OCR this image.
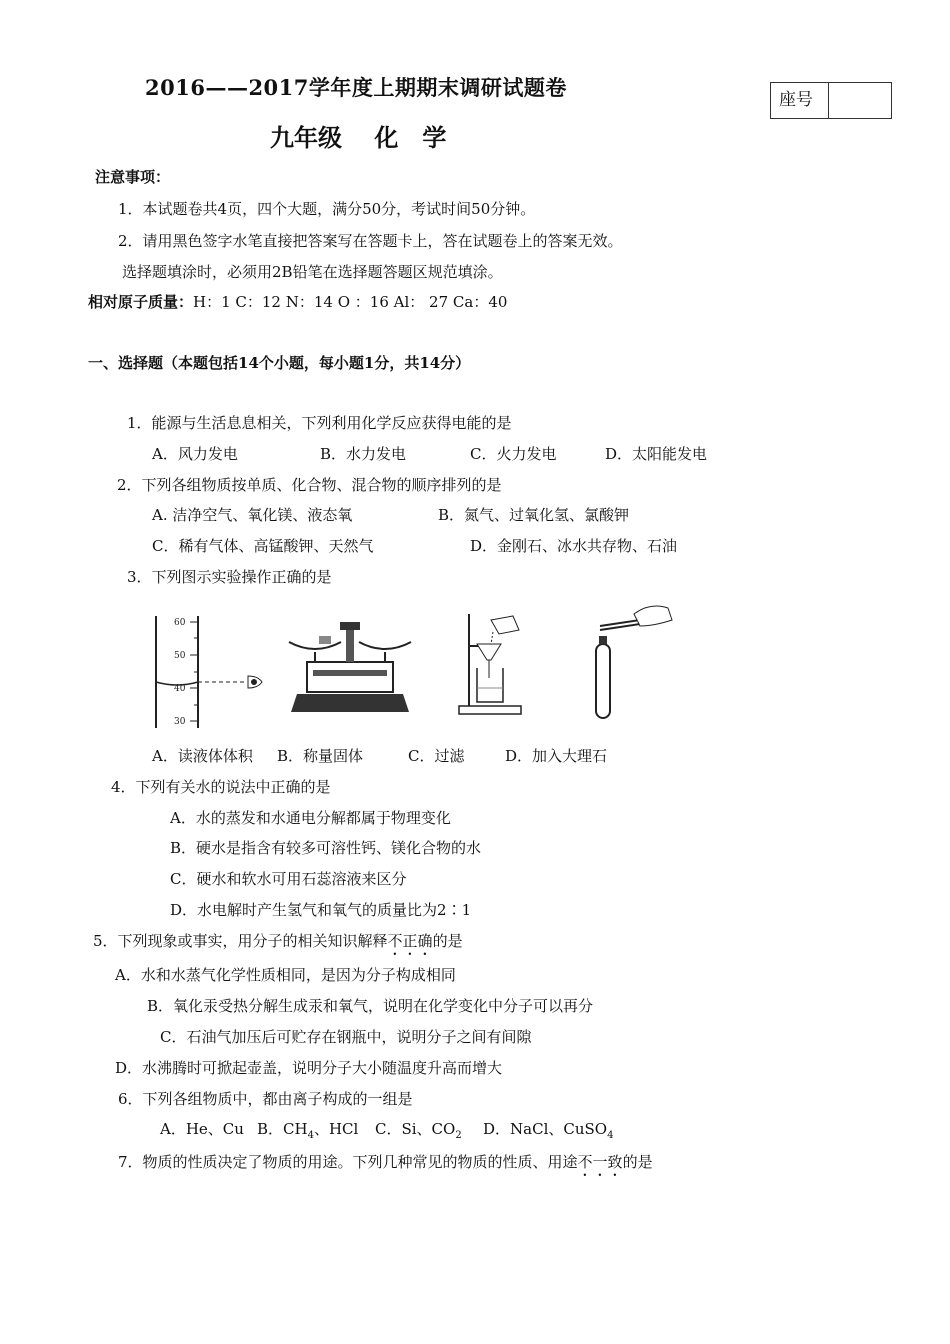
2016——2017学年度上期期末调研试题卷
九年级　 化　学
座号
注意事项：
1．本试题卷共4页，四个大题，满分50分，考试时间50分钟。
2．请用黑色签字水笔直接把答案写在答题卡上，答在试题卷上的答案无效。
选择题填涂时，必须用2B铅笔在选择题答题区规范填涂。
相对原子质量：H：1 C：12 N：14 O ：16 Al： 27 Ca：40
一、选择题（本题包括14个小题，每小题1分，共14分）
1．能源与生活息息相关，下列利用化学反应获得电能的是
A．风力发电	B．水力发电	C．火力发电	D．太阳能发电
2．下列各组物质按单质、化合物、混合物的顺序排列的是
A. 洁净空气、氧化镁、液态氧	B．氮气、过氧化氢、氯酸钾
C．稀有气体、高锰酸钾、天然气	D．金刚石、冰水共存物、石油
3．下列图示实验操作正确的是
60
50
40
30
A．读液体体积 B．称量固体	C．过滤	D．加入大理石
4．下列有关水的说法中正确的是
A．水的蒸发和水通电分解都属于物理变化
B．硬水是指含有较多可溶性钙、镁化合物的水
C．硬水和软水可用石蕊溶液来区分
D．水电解时产生氢气和氧气的质量比为2∶1
5．下列现象或事实，用分子的相关知识解释不正确的是
A．水和水蒸气化学性质相同，是因为分子构成相同
B．氧化汞受热分解生成汞和氧气，说明在化学变化中分子可以再分
C．石油气加压后可贮存在钢瓶中，说明分子之间有间隙
D．水沸腾时可掀起壶盖，说明分子大小随温度升高而增大
6．下列各组物质中，都由离子构成的一组是
A．He、Cu B．$CH_4$、HCl C．Si、$CO_2$ D．NaCl、CuSO$_4$
7．物质的性质决定了物质的用途。下列几种常见的物质的性质、用途不一致的是
